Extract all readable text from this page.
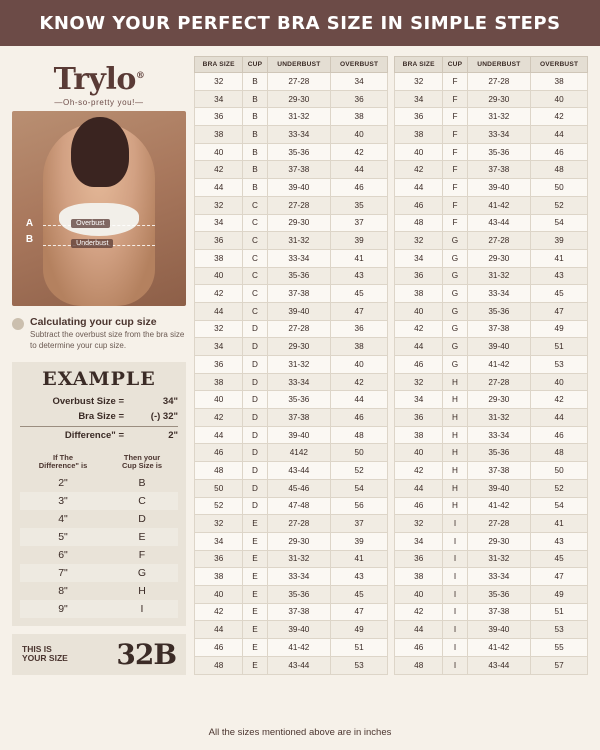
KNOW YOUR PERFECT BRA SIZE IN SIMPLE STEPS
Trylo®
—Oh-so-pretty you!—
A
B
Overbust
Underbust
Calculating your cup size
Subtract the overbust size from the bra size to determine your cup size.
EXAMPLE
Overbust Size =	34"
Bra Size =	(-) 32"
Difference" =	2"
If The
Difference" is

Then your
Cup Size is

2"	B
3"	C
4"	D
5"	E
6"	F
7"	G
8"	H
9"	I
THIS IS
YOUR SIZE	32B
BRA SIZE	CUP	UNDERBUST	OVERBUST
32	B	27-28	34
34	B	29-30	36
36	B	31-32	38
38	B	33-34	40
40	B	35-36	42
42	B	37-38	44
44	B	39-40	46
32	C	27-28	35
34	C	29-30	37
36	C	31-32	39
38	C	33-34	41
40	C	35-36	43
42	C	37-38	45
44	C	39-40	47
32	D	27-28	36
34	D	29-30	38
36	D	31-32	40
38	D	33-34	42
40	D	35-36	44
42	D	37-38	46
44	D	39-40	48
46	D	4142	50
48	D	43-44	52
50	D	45-46	54
52	D	47-48	56
32	E	27-28	37
34	E	29-30	39
36	E	31-32	41
38	E	33-34	43
40	E	35-36	45
42	E	37-38	47
44	E	39-40	49
46	E	41-42	51
48	E	43-44	53
BRA SIZE	CUP	UNDERBUST	OVERBUST
32	F	27-28	38
34	F	29-30	40
36	F	31-32	42
38	F	33-34	44
40	F	35-36	46
42	F	37-38	48
44	F	39-40	50
46	F	41-42	52
48	F	43-44	54
32	G	27-28	39
34	G	29-30	41
36	G	31-32	43
38	G	33-34	45
40	G	35-36	47
42	G	37-38	49
44	G	39-40	51
46	G	41-42	53
32	H	27-28	40
34	H	29-30	42
36	H	31-32	44
38	H	33-34	46
40	H	35-36	48
42	H	37-38	50
44	H	39-40	52
46	H	41-42	54
32	I	27-28	41
34	I	29-30	43
36	I	31-32	45
38	I	33-34	47
40	I	35-36	49
42	I	37-38	51
44	I	39-40	53
46	I	41-42	55
48	I	43-44	57
All the sizes mentioned above are in inches
